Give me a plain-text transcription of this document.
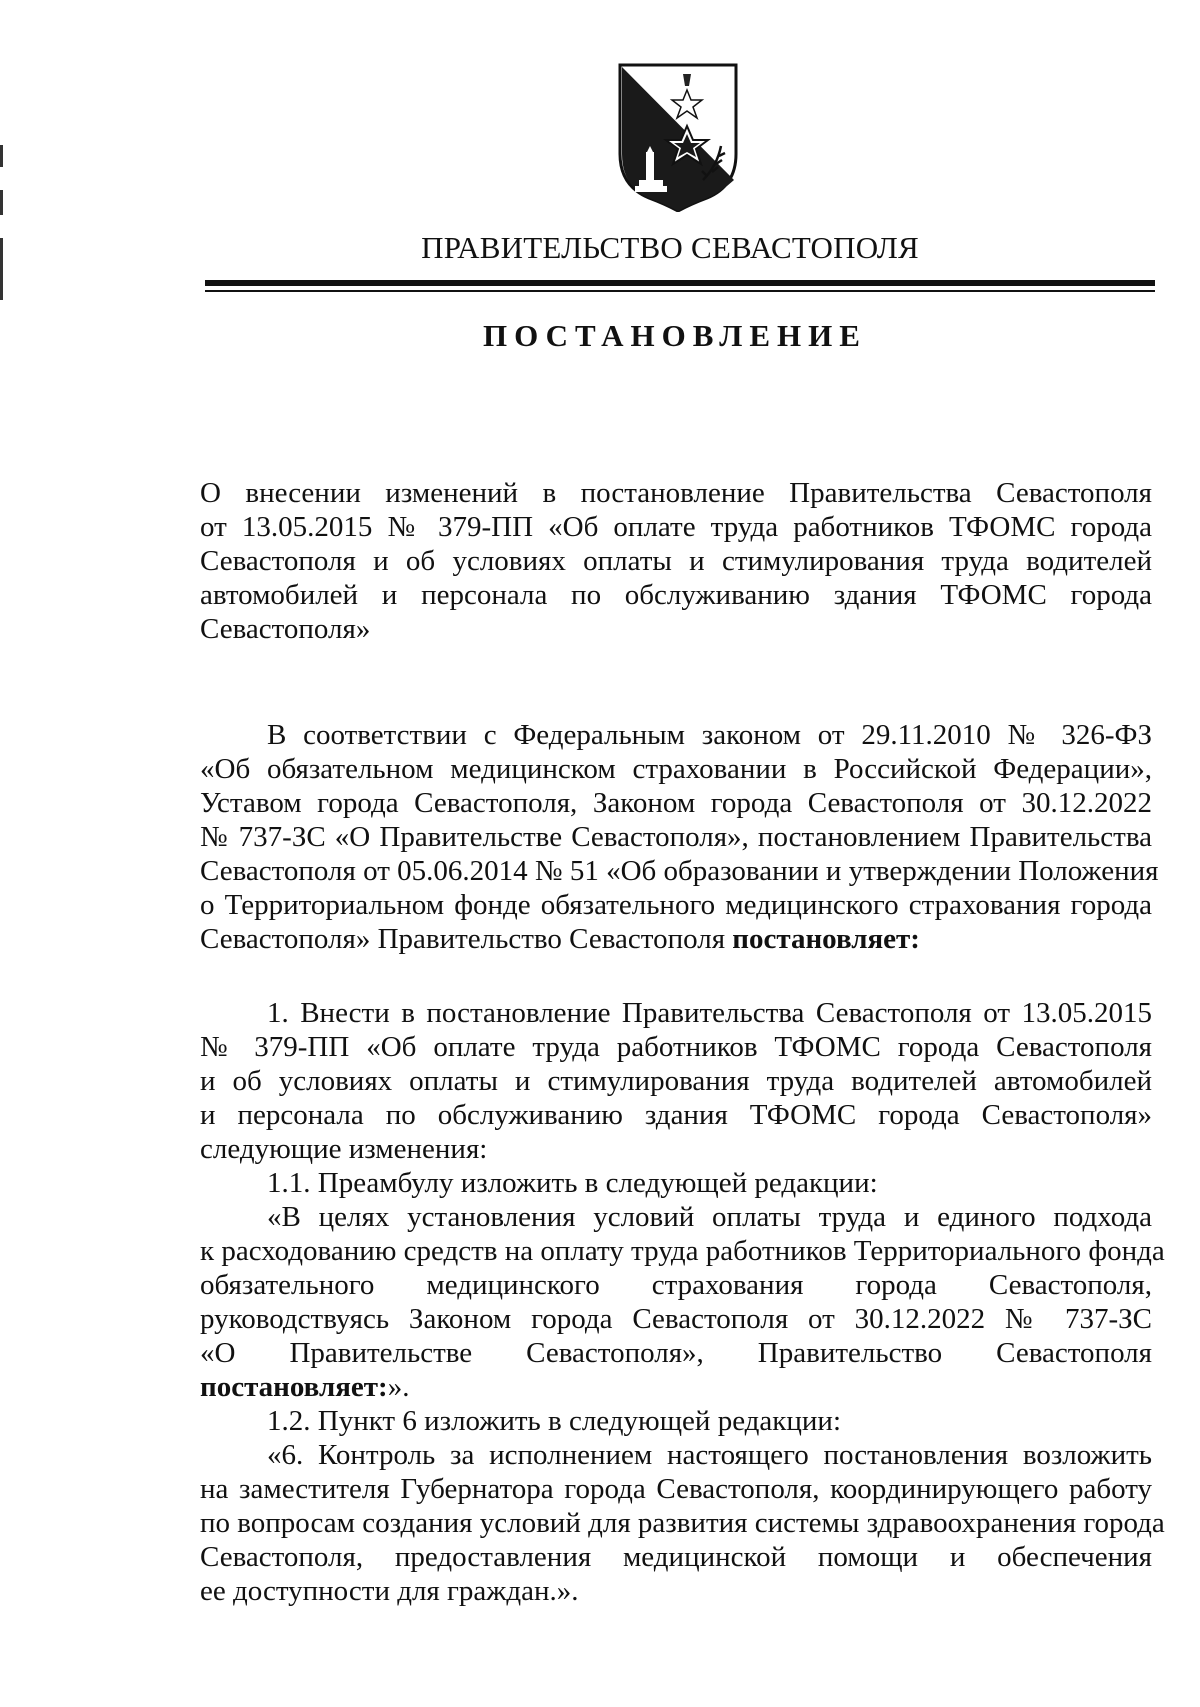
ПРАВИТЕЛЬСТВО СЕВАСТОПОЛЯ
ПОСТАНОВЛЕНИЕ

О внесении изменений в постановление Правительства Севастополя
от 13.05.2015 № 379-ПП «Об оплате труда работников ТФОМС города
Севастополя и об условиях оплаты и стимулирования труда водителей
автомобилей и персонала по обслуживанию здания ТФОМС города
Севастополя»

В соответствии с Федеральным законом от 29.11.2010 № 326-ФЗ
«Об обязательном медицинском страховании в Российской Федерации»,
Уставом города Севастополя, Законом города Севастополя от 30.12.2022
№ 737-ЗС «О Правительстве Севастополя», постановлением Правительства
Севастополя от 05.06.2014 № 51 «Об образовании и утверждении Положения
о Территориальном фонде обязательного медицинского страхования города
Севастополя» Правительство Севастополя постановляет:

1. Внести в постановление Правительства Севастополя от 13.05.2015
№ 379-ПП «Об оплате труда работников ТФОМС города Севастополя
и об условиях оплаты и стимулирования труда водителей автомобилей
и персонала по обслуживанию здания ТФОМС города Севастополя»
следующие изменения:
1.1. Преамбулу изложить в следующей редакции:
«В целях установления условий оплаты труда и единого подхода
к расходованию средств на оплату труда работников Территориального фонда
обязательного медицинского страхования города Севастополя,
руководствуясь Законом города Севастополя от 30.12.2022 № 737-ЗС
«О Правительстве Севастополя», Правительство Севастополя
постановляет:».
1.2. Пункт 6 изложить в следующей редакции:
«6. Контроль за исполнением настоящего постановления возложить
на заместителя Губернатора города Севастополя, координирующего работу
по вопросам создания условий для развития системы здравоохранения города
Севастополя, предоставления медицинской помощи и обеспечения
ее доступности для граждан.».
